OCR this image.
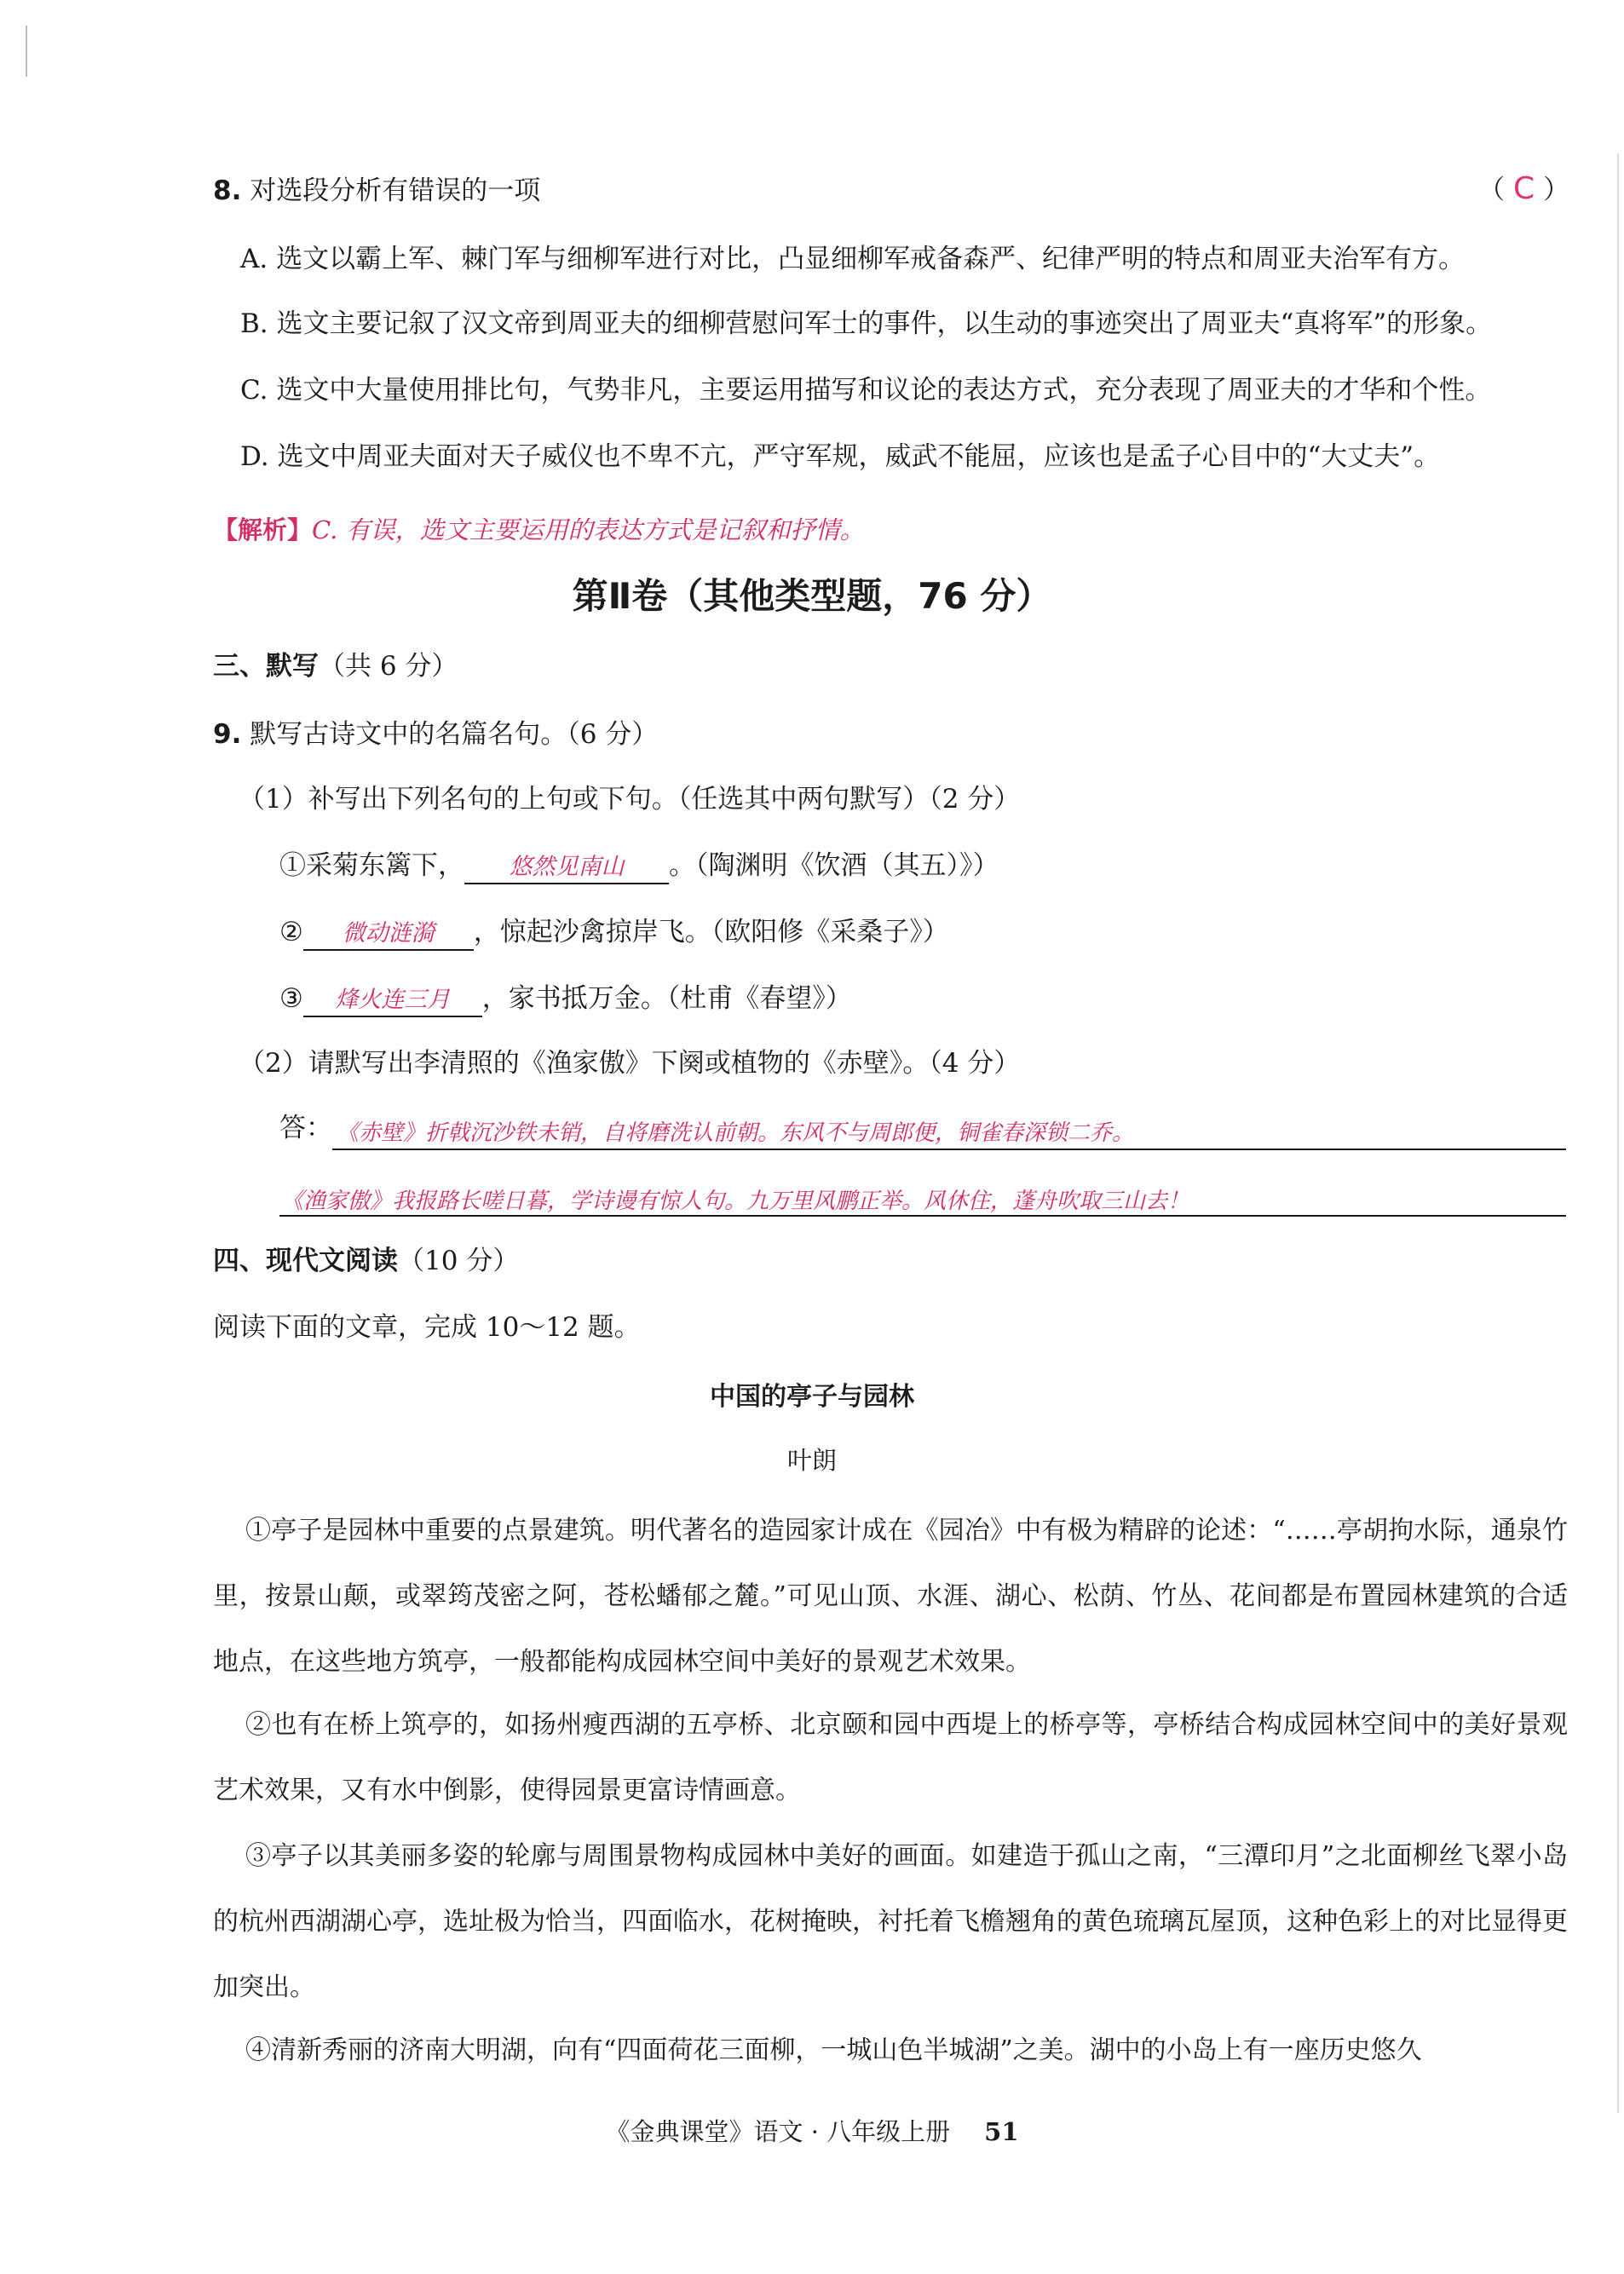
8. 对选段分析有错误的一项	（ C ）
A. 选文以霸上军、棘门军与细柳军进行对比，凸显细柳军戒备森严、纪律严明的特点和周亚夫治军有方。
B. 选文主要记叙了汉文帝到周亚夫的细柳营慰问军士的事件，以生动的事迹突出了周亚夫“真将军”的形象。
C. 选文中大量使用排比句，气势非凡，主要运用描写和议论的表达方式，充分表现了周亚夫的才华和个性。
D. 选文中周亚夫面对天子威仪也不卑不亢，严守军规，威武不能屈，应该也是孟子心目中的“大丈夫”。
【解析】C. 有误，选文主要运用的表达方式是记叙和抒情。
第Ⅱ卷（其他类型题，76 分）
三、默写（共 6 分）
9. 默写古诗文中的名篇名句。（6 分）
（1）补写出下列名句的上句或下句。（任选其中两句默写）（2 分）
①采菊东篱下， 悠然见南山 。（陶渊明《饮酒（其五）》）
② 微动涟漪 ，惊起沙禽掠岸飞。（欧阳修《采桑子》）
③ 烽火连三月 ，家书抵万金。（杜甫《春望》）
（2）请默写出李清照的《渔家傲》下阕或植物的《赤壁》。（4 分）
答： 《赤壁》折戟沉沙铁未销，自将磨洗认前朝。东风不与周郎便，铜雀春深锁二乔。
《渔家傲》我报路长嗟日暮，学诗谩有惊人句。九万里风鹏正举。风休住，蓬舟吹取三山去！
四、现代文阅读（10 分）
阅读下面的文章，完成 10～12 题。
中国的亭子与园林
叶朗
①亭子是园林中重要的点景建筑。明代著名的造园家计成在《园冶》中有极为精辟的论述：“……亭胡拘水际，通泉竹里，按景山颠，或翠筠茂密之阿，苍松蟠郁之麓。”可见山顶、水涯、湖心、松荫、竹丛、花间都是布置园林建筑的合适地点，在这些地方筑亭，一般都能构成园林空间中美好的景观艺术效果。
②也有在桥上筑亭的，如扬州瘦西湖的五亭桥、北京颐和园中西堤上的桥亭等，亭桥结合构成园林空间中的美好景观艺术效果，又有水中倒影，使得园景更富诗情画意。
③亭子以其美丽多姿的轮廓与周围景物构成园林中美好的画面。如建造于孤山之南，“三潭印月”之北面柳丝飞翠小岛的杭州西湖湖心亭，选址极为恰当，四面临水，花树掩映，衬托着飞檐翘角的黄色琉璃瓦屋顶，这种色彩上的对比显得更加突出。
④清新秀丽的济南大明湖，向有“四面荷花三面柳，一城山色半城湖”之美。湖中的小岛上有一座历史悠久
《金典课堂》语文 · 八年级上册 51
